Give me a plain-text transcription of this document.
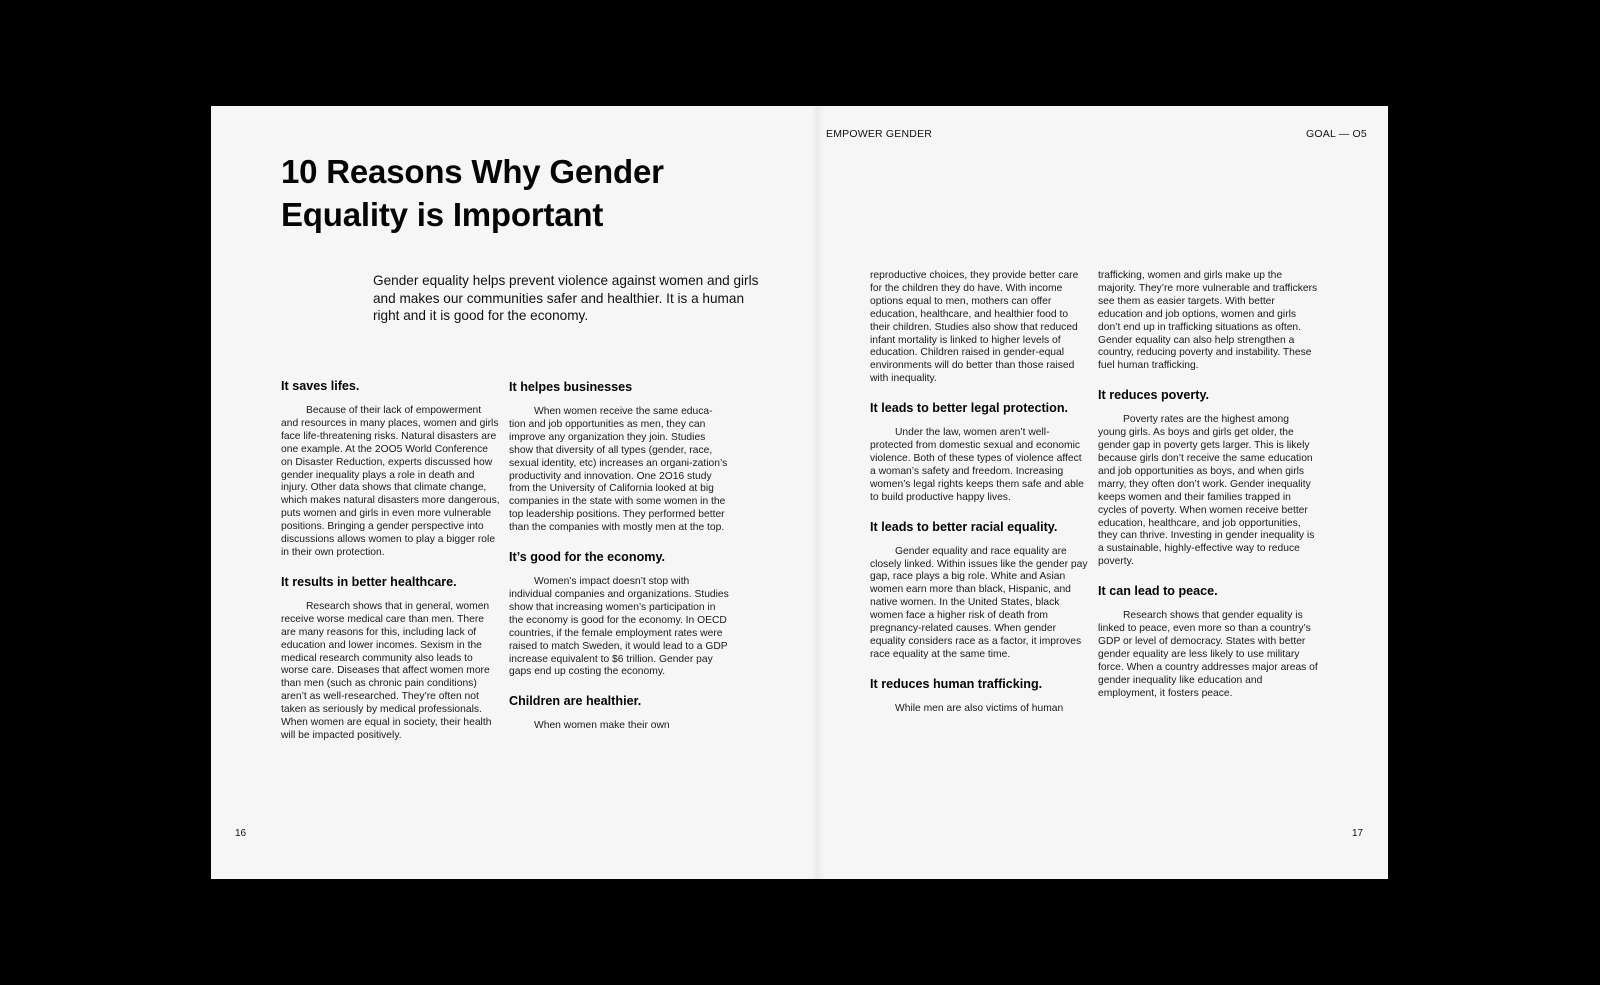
EMPOWER GENDER	GOAL — O5
10 Reasons Why Gender Equality is Important

Gender equality helps prevent violence against women and girls and makes our communities safer and healthier. It is a human right and it is good for the economy.

It saves lifes.

Because of their lack of empowerment and resources in many places, women and girls face life-threatening risks. Natural disasters are one example. At the 2OO5 World Conference on Disaster Reduction, experts discussed how gender inequality plays a role in death and injury. Other data shows that climate change, which makes natural disasters more dangerous, puts women and girls in even more vulnerable positions. Bringing a gender perspective into discussions allows women to play a bigger role in their own protection.

It results in better healthcare.

Research shows that in general, women receive worse medical care than men. There are many reasons for this, including lack of education and lower incomes. Sexism in the medical research community also leads to worse care. Diseases that affect women more than men (such as chronic pain conditions) aren’t as well-researched. They’re often not taken as seriously by medical professionals. When women are equal in society, their health will be impacted positively.

It helpes businesses

When women receive the same educa-tion and job opportunities as men, they can improve any organization they join. Studies show that diversity of all types (gender, race, sexual identity, etc) increases an organi-zation’s productivity and innovation. One 2O16 study from the University of California looked at big companies in the state with some women in the top leadership positions. They performed better than the companies with mostly men at the top.

It’s good for the economy.

Women’s impact doesn’t stop with individual companies and organizations. Studies show that increasing women’s participation in the economy is good for the economy. In OECD countries, if the female employment rates were raised to match Sweden, it would lead to a GDP increase equivalent to $6 trillion. Gender pay gaps end up costing the economy.

Children are healthier.

When women make their own

reproductive choices, they provide better care for the children they do have. With income options equal to men, mothers can offer education, healthcare, and healthier food to their children. Studies also show that reduced infant mortality is linked to higher levels of education. Children raised in gender-equal environments will do better than those raised with inequality.

It leads to better legal protection.

Under the law, women aren’t well-protected from domestic sexual and economic violence. Both of these types of violence affect a woman’s safety and freedom. Increasing women’s legal rights keeps them safe and able to build productive happy lives.

It leads to better racial equality.

Gender equality and race equality are closely linked. Within issues like the gender pay gap, race plays a big role. White and Asian women earn more than black, Hispanic, and native women. In the United States, black women face a higher risk of death from pregnancy-related causes. When gender equality considers race as a factor, it improves race equality at the same time.

It reduces human trafficking.

While men are also victims of human

trafficking, women and girls make up the majority. They’re more vulnerable and traffickers see them as easier targets. With better education and job options, women and girls don’t end up in trafficking situations as often. Gender equality can also help strengthen a country, reducing poverty and instability. These fuel human trafficking.

It reduces poverty.

Poverty rates are the highest among young girls. As boys and girls get older, the gender gap in poverty gets larger. This is likely because girls don’t receive the same education and job opportunities as boys, and when girls marry, they often don’t work. Gender inequality keeps women and their families trapped in cycles of poverty. When women receive better education, healthcare, and job opportunities, they can thrive. Investing in gender inequality is a sustainable, highly-effective way to reduce poverty.

It can lead to peace.

Research shows that gender equality is linked to peace, even more so than a country’s GDP or level of democracy. States with better gender equality are less likely to use military force. When a country addresses major areas of gender inequality like education and employment, it fosters peace.

16	17
